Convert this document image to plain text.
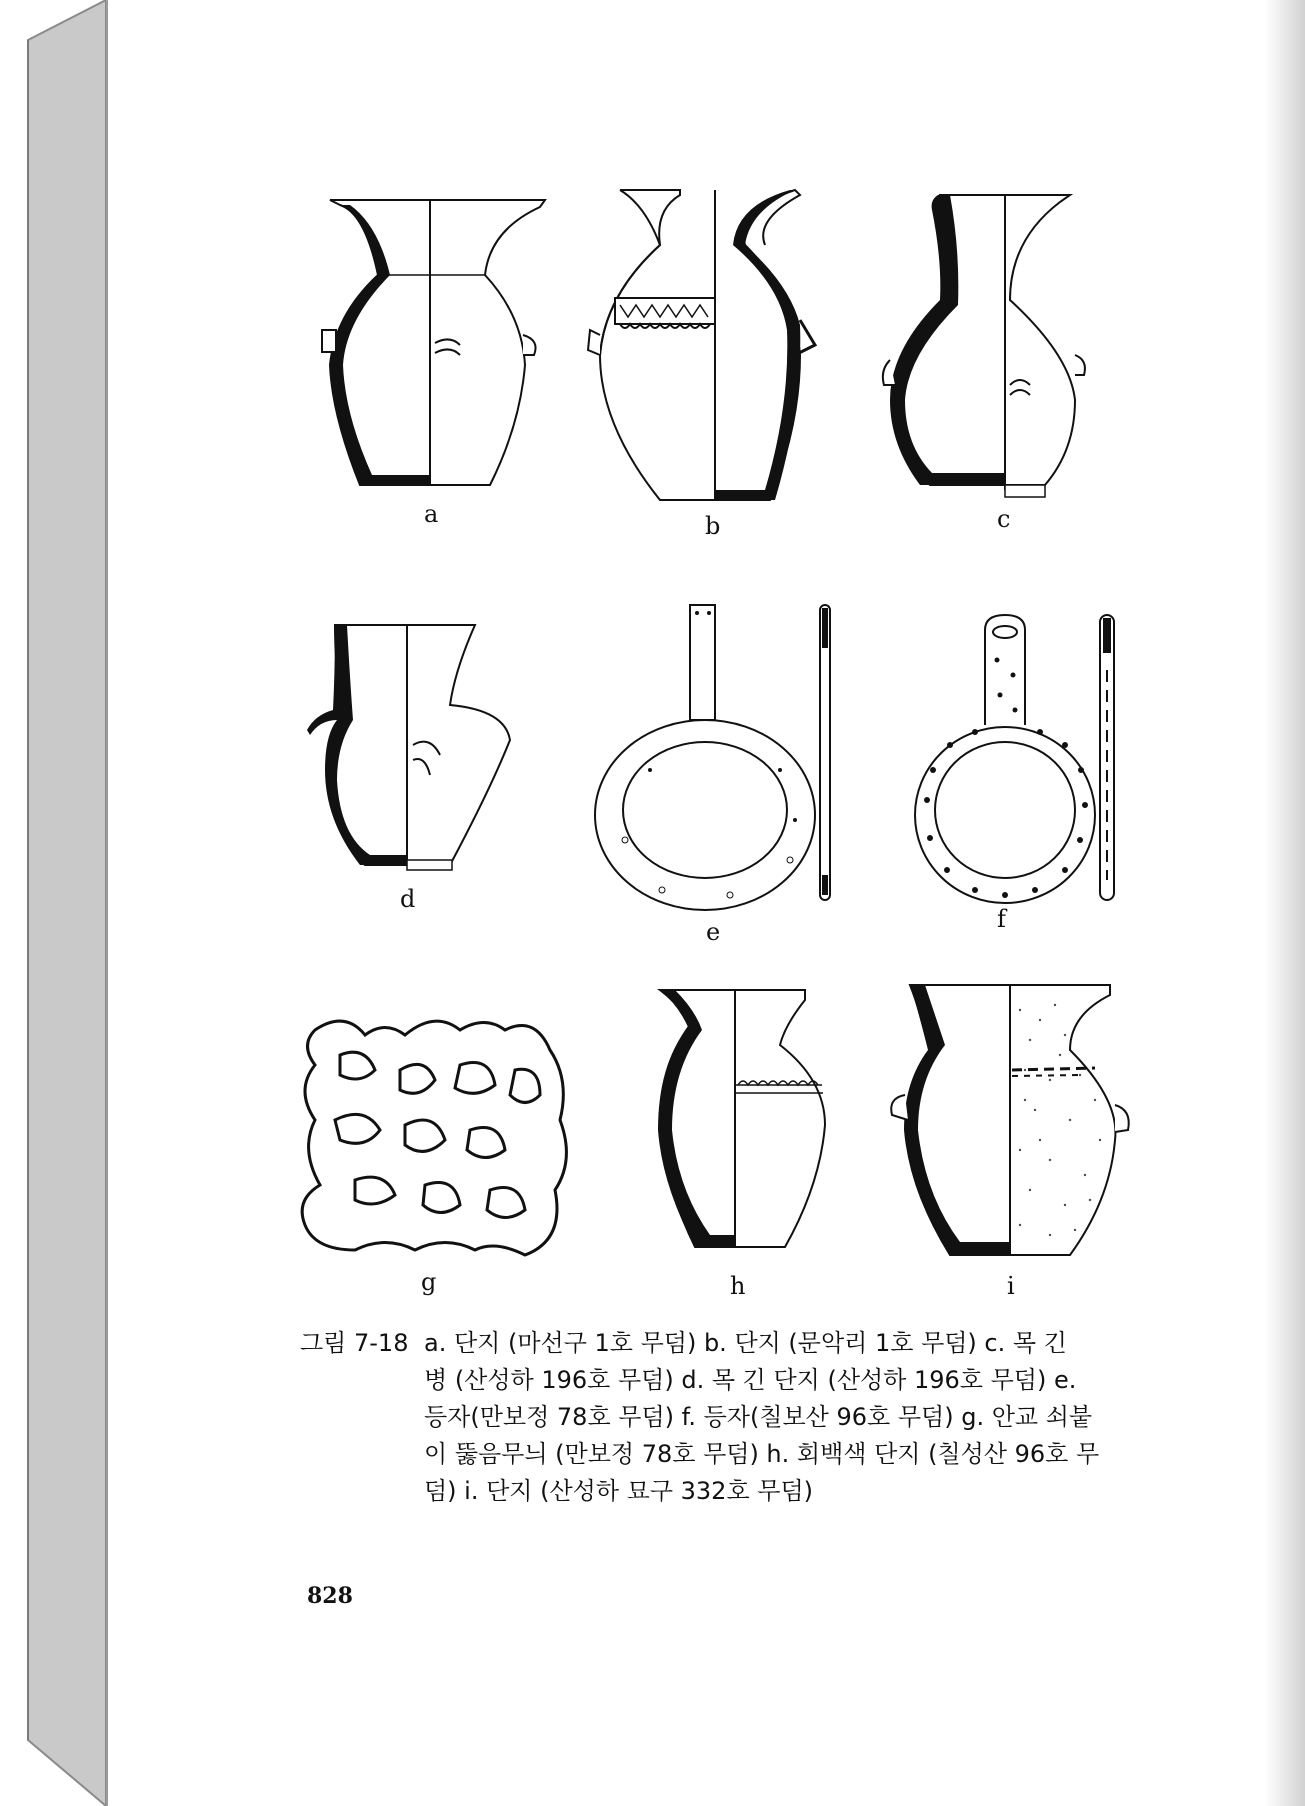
a	b	c
d
e	f
g	h	i
그림 7-18 a. 단지 (마선구 1호 무덤) b. 단지 (문악리 1호 무덤) c. 목 긴
병 (산성하 196호 무덤) d. 목 긴 단지 (산성하 196호 무덤) e.
등자(만보정 78호 무덤) f. 등자(칠보산 96호 무덤) g. 안교 쇠붙
이 뚫음무늬 (만보정 78호 무덤) h. 회백색 단지 (칠성산 96호 무
덤) i. 단지 (산성하 묘구 332호 무덤)
828
